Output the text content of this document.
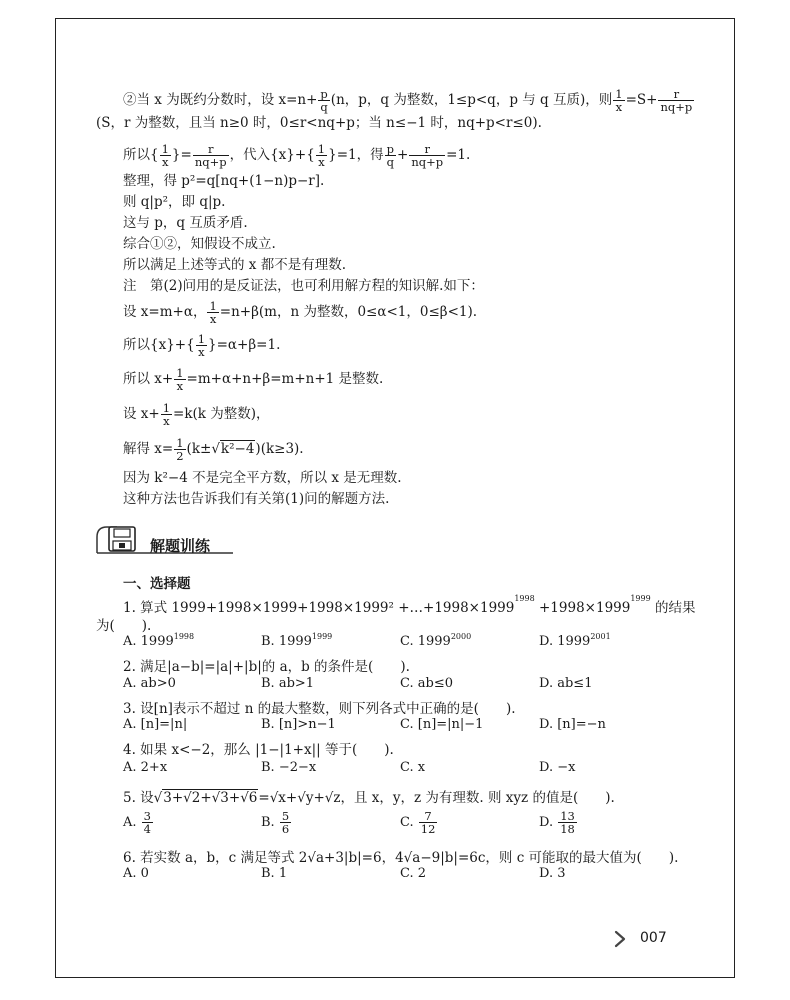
②当 x 为既约分数时，设 $x=n+ \frac{p}{q} (n$，p，q 为整数，1≤p<q，p 与 q 互质)，则 $\frac{1}{x} =S+ \frac{r}{nq+p}$
(S，r 为整数，且当 n≥0 时，0≤r<nq+p；当 n≤−1 时，nq+p<r≤0).
所以{ $\frac{1}{x}$ }= $\frac{r}{nq+p}$ ，代入$\{x\}+\{ \frac{1}{x} \}=1$，得 $\frac{p}{q} + \frac{r}{nq+p} =1$.
整理，得 p²=q[nq+(1−n)p−r].
则 q|p²，即 q|p.
这与 p，q 互质矛盾.
综合①②，知假设不成立.
所以满足上述等式的 x 都不是有理数.
注　第(2)问用的是反证法，也可利用解方程的知识解.如下：
设 x=m+α， $\frac{1}{x} =n+\beta(m$，n 为整数，0≤α<1，0≤β<1).
所以$\{x\}+\{ \frac{1}{x} \}=\alpha+\beta=1$.
所以 $x+ \frac{1}{x} =m+\alpha+n+\beta=m+n+1$ 是整数.
设 $x+ \frac{1}{x} =k(k$ 为整数)，
解得 $x= \frac{1}{2} (k\pm√k^2-4)(k\ge 3)$.
因为 k²−4 不是完全平方数，所以 x 是无理数.
这种方法也告诉我们有关第(1)问的解题方法.
解题训练
一、选择题
1. 算式 $1999+1998\times 1999+1998\times 1999^2 +\dots+1998\times 1999^{1998} +1998\times 1999^{1999}$ 的结果
为(　　).
A. $1999^{1998}$	B. $1999^{1999}$	C. $1999^{2000}$	D. $1999^{2001}$
2. 满足|a−b|=|a|+|b|的 a，b 的条件是(　　).
A. ab>0	B. ab>1	C. ab≤0	D. ab≤1
3. 设[n]表示不超过 n 的最大整数，则下列各式中正确的是(　　).
A. [n]=|n|	B. [n]>n−1	C. [n]=|n|−1	D. [n]=−n
4. 如果 x<−2，那么 |1−|1+x|| 等于(　　).
A. 2+x	B. −2−x	C. x	D. −x
5. 设√3+√2+√3+√6=√x+√y+√z，且 x，y，z 为有理数. 则 xyz 的值是(　　).
A. $\frac{3}{4}$	B. $\frac{5}{6}$	C. $\frac{7}{12}$	D. $\frac{13}{18}$
6. 若实数 a，b，c 满足等式 2√a+3|b|=6，4√a−9|b|=6c，则 c 可能取的最大值为(　　).
A. 0	B. 1	C. 2	D. 3
007
